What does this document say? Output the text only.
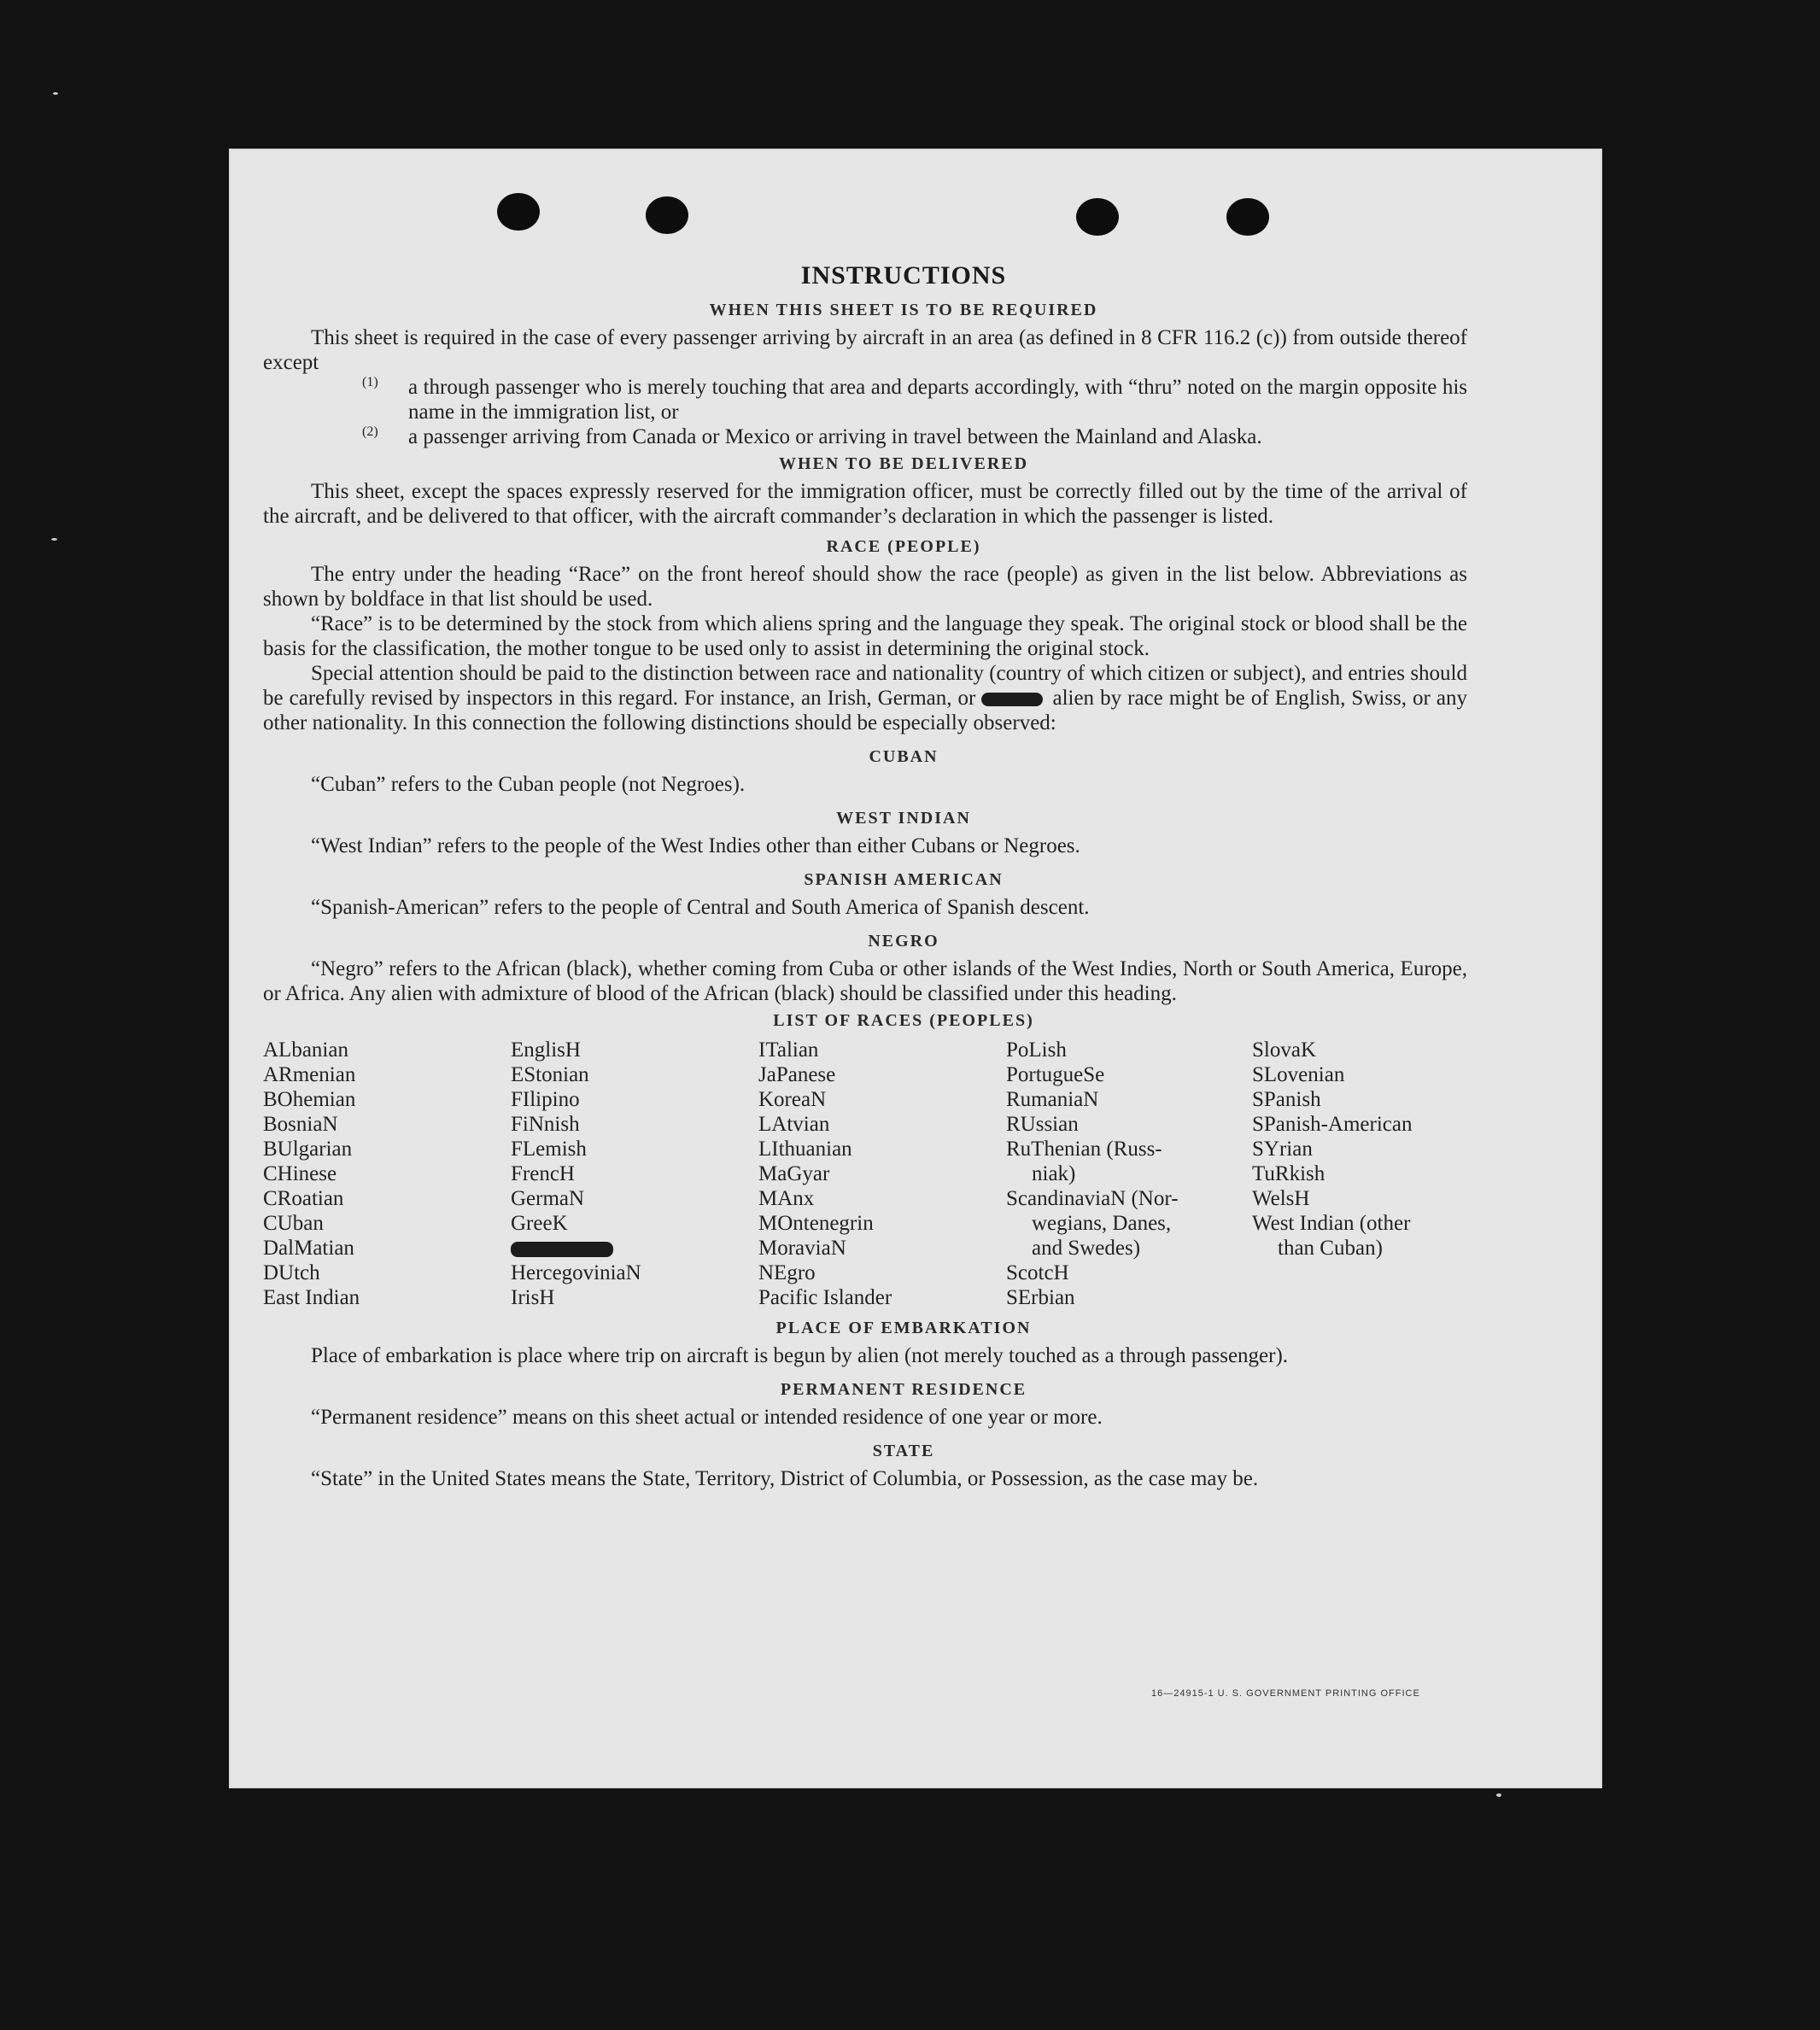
INSTRUCTIONS
WHEN THIS SHEET IS TO BE REQUIRED

This sheet is required in the case of every passenger arriving by aircraft in an area (as defined in 8 CFR 116.2 (c)) from outside thereof except

(1)	a through passenger who is merely touching that area and departs accordingly, with “thru” noted on the margin opposite his name in the immigration list, or

(2)	a passenger arriving from Canada or Mexico or arriving in travel between the Mainland and Alaska.

WHEN TO BE DELIVERED

This sheet, except the spaces expressly reserved for the immigration officer, must be correctly filled out by the time of the arrival of the aircraft, and be delivered to that officer, with the aircraft commander’s declaration in which the passenger is listed.

RACE (PEOPLE)

The entry under the heading “Race” on the front hereof should show the race (people) as given in the list below. Abbreviations as shown by boldface in that list should be used.

“Race” is to be determined by the stock from which aliens spring and the language they speak. The original stock or blood shall be the basis for the classification, the mother tongue to be used only to assist in determining the original stock.

Special attention should be paid to the distinction between race and nationality (country of which citizen or subject), and entries should be carefully revised by inspectors in this regard. For instance, an Irish, German, or	alien by race might be of English, Swiss, or any other nationality. In this connection the following distinctions should be especially observed:

CUBAN

“Cuban” refers to the Cuban people (not Negroes).

WEST INDIAN

“West Indian” refers to the people of the West Indies other than either Cubans or Negroes.

SPANISH AMERICAN

“Spanish-American” refers to the people of Central and South America of Spanish descent.

NEGRO

“Negro” refers to the African (black), whether coming from Cuba or other islands of the West Indies, North or South America, Europe, or Africa. Any alien with admixture of blood of the African (black) should be classified under this heading.

LIST OF RACES (PEOPLES)
ALbanian
ARmenian
BOhemian
BosniaN
BUlgarian
CHinese
CRoatian
CUban
DalMatian
DUtch
East Indian
EnglisH
EStonian
FIlipino
FiNnish
FLemish
FrencH
GermaN
GreeK
HercegoviniaN
IrisH
ITalian
JaPanese
KoreaN
LAtvian
LIthuanian
MaGyar
MAnx
MOntenegrin
MoraviaN
NEgro
Pacific Islander
PoLish
PortugueSe
RumaniaN
RUssian
RuThenian (Russ-
niak)
ScandinaviaN (Nor-
wegians, Danes,
and Swedes)
ScotcH
SErbian
SlovaK
SLovenian
SPanish
SPanish-American
SYrian
TuRkish
WelsH
West Indian (other
than Cuban)
PLACE OF EMBARKATION

Place of embarkation is place where trip on aircraft is begun by alien (not merely touched as a through passenger).

PERMANENT RESIDENCE

“Permanent residence” means on this sheet actual or intended residence of one year or more.

STATE

“State” in the United States means the State, Territory, District of Columbia, or Possession, as the case may be.

16—24915-1 U. S. GOVERNMENT PRINTING OFFICE
